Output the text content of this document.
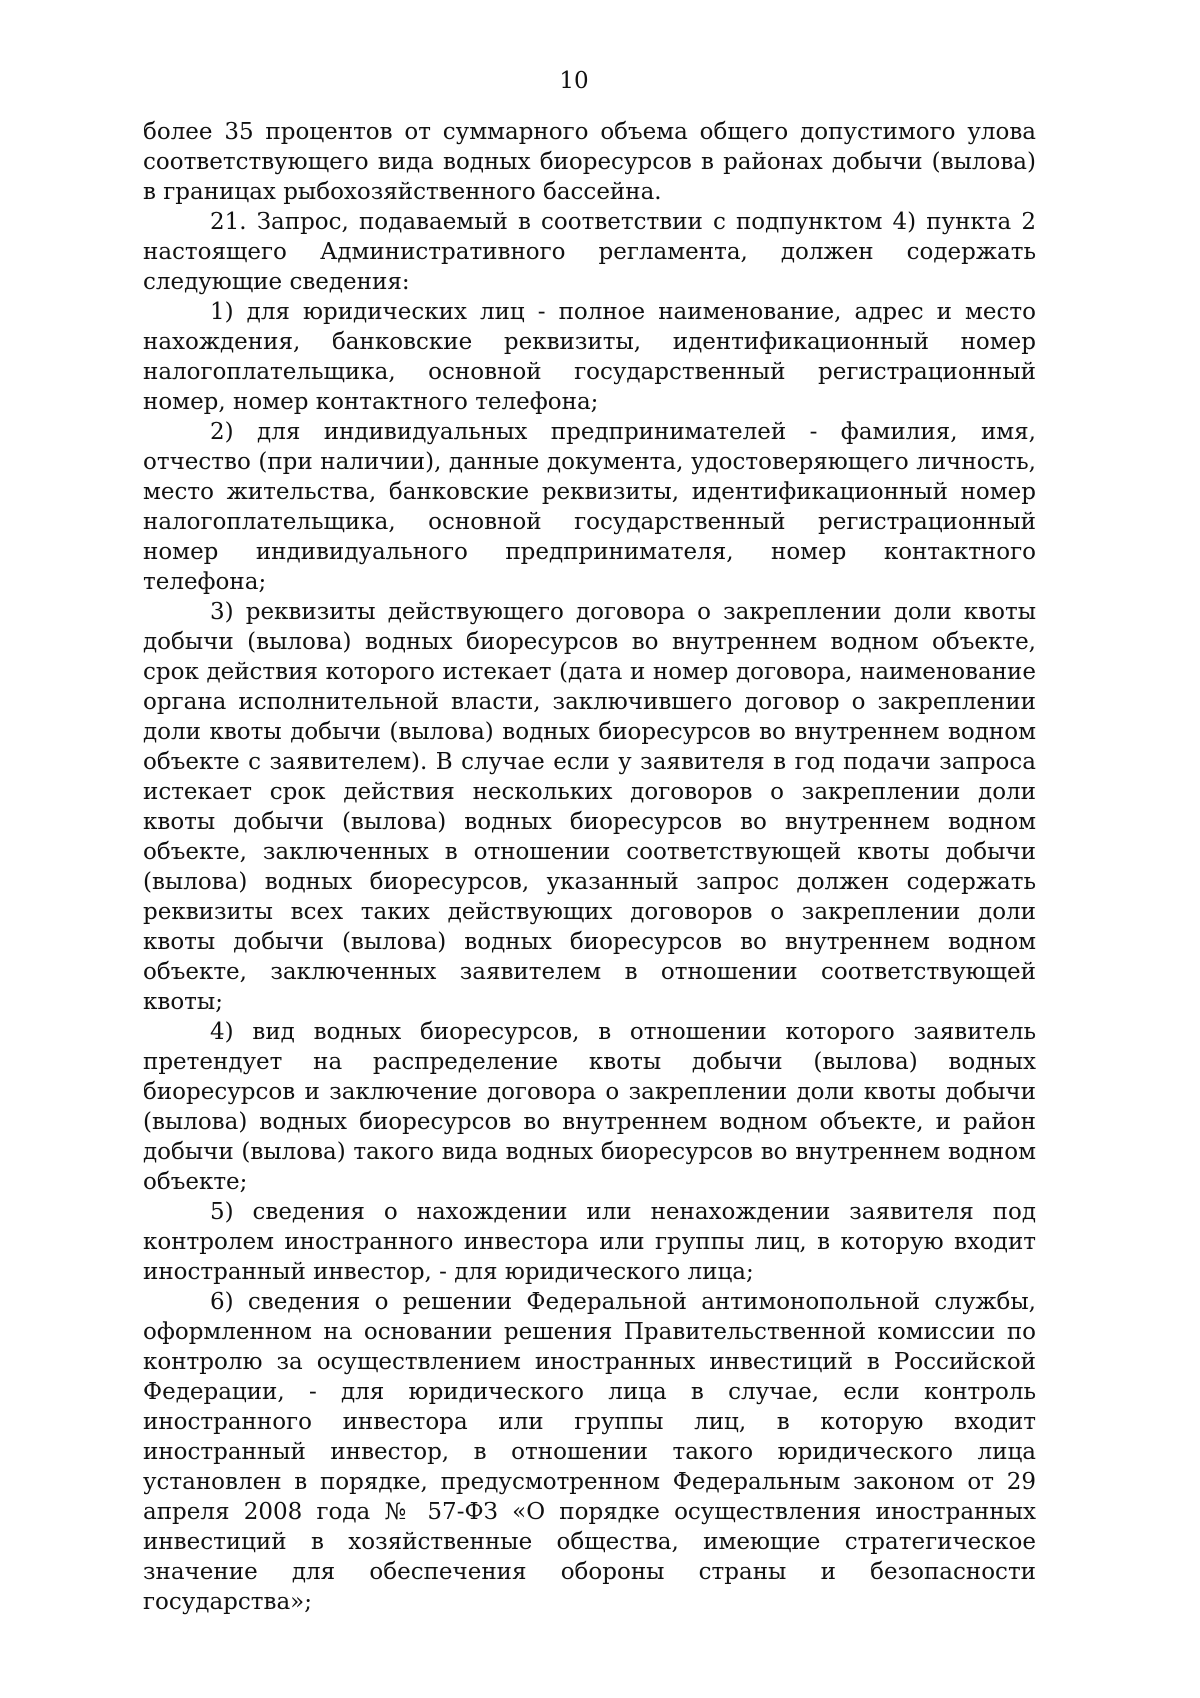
10

более 35 процентов от суммарного объема общего допустимого улова соответствующего вида водных биоресурсов в районах добычи (вылова) в границах рыбохозяйственного бассейна.

21. Запрос, подаваемый в соответствии с подпунктом 4) пункта 2 настоящего Административного регламента, должен содержать следующие сведения:

1) для юридических лиц - полное наименование, адрес и место нахождения, банковские реквизиты, идентификационный номер налогоплательщика, основной государственный регистрационный номер, номер контактного телефона;

2) для индивидуальных предпринимателей - фамилия, имя, отчество (при наличии), данные документа, удостоверяющего личность, место жительства, банковские реквизиты, идентификационный номер налогоплательщика, основной государственный регистрационный номер индивидуального предпринимателя, номер контактного телефона;

3) реквизиты действующего договора о закреплении доли квоты добычи (вылова) водных биоресурсов во внутреннем водном объекте, срок действия которого истекает (дата и номер договора, наименование органа исполнительной власти, заключившего договор о закреплении доли квоты добычи (вылова) водных биоресурсов во внутреннем водном объекте с заявителем). В случае если у заявителя в год подачи запроса истекает срок действия нескольких договоров о закреплении доли квоты добычи (вылова) водных биоресурсов во внутреннем водном объекте, заключенных в отношении соответствующей квоты добычи (вылова) водных биоресурсов, указанный запрос должен содержать реквизиты всех таких действующих договоров о закреплении доли квоты добычи (вылова) водных биоресурсов во внутреннем водном объекте, заключенных заявителем в отношении соответствующей квоты;

4) вид водных биоресурсов, в отношении которого заявитель претендует на распределение квоты добычи (вылова) водных биоресурсов и заключение договора о закреплении доли квоты добычи (вылова) водных биоресурсов во внутреннем водном объекте, и район добычи (вылова) такого вида водных биоресурсов во внутреннем водном объекте;

5) сведения о нахождении или ненахождении заявителя под контролем иностранного инвестора или группы лиц, в которую входит иностранный инвестор, - для юридического лица;

6) сведения о решении Федеральной антимонопольной службы, оформленном на основании решения Правительственной комиссии по контролю за осуществлением иностранных инвестиций в Российской Федерации, - для юридического лица в случае, если контроль иностранного инвестора или группы лиц, в которую входит иностранный инвестор, в отношении такого юридического лица установлен в порядке, предусмотренном Федеральным законом от 29 апреля 2008 года № 57-ФЗ «О порядке осуществления иностранных инвестиций в хозяйственные общества, имеющие стратегическое значение для обеспечения обороны страны и безопасности государства»;
